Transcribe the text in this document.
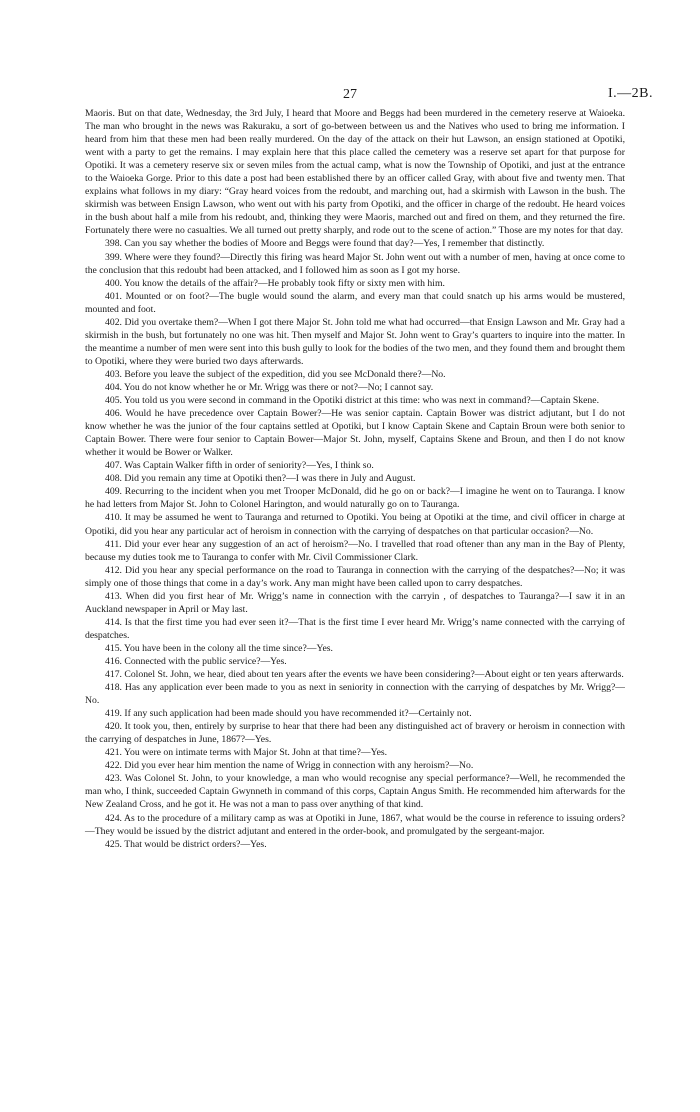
27	I.—2B.

Maoris. But on that date, Wednesday, the 3rd July, I heard that Moore and Beggs had been murdered in the cemetery reserve at Waioeka. The man who brought in the news was Rakuraku, a sort of go-between between us and the Natives who used to bring me information. I heard from him that these men had been really murdered. On the day of the attack on their hut Lawson, an ensign stationed at Opotiki, went with a party to get the remains. I may explain here that this place called the cemetery was a reserve set apart for that purpose for Opotiki. It was a cemetery reserve six or seven miles from the actual camp, what is now the Township of Opotiki, and just at the entrance to the Waioeka Gorge. Prior to this date a post had been established there by an officer called Gray, with about five and twenty men. That explains what follows in my diary: “Gray heard voices from the redoubt, and marching out, had a skirmish with Lawson in the bush. The skirmish was between Ensign Lawson, who went out with his party from Opotiki, and the officer in charge of the redoubt. He heard voices in the bush about half a mile from his redoubt, and, thinking they were Maoris, marched out and fired on them, and they returned the fire. Fortunately there were no casualties. We all turned out pretty sharply, and rode out to the scene of action.” Those are my notes for that day.

398. Can you say whether the bodies of Moore and Beggs were found that day?—Yes, I remember that distinctly.

399. Where were they found?—Directly this firing was heard Major St. John went out with a number of men, having at once come to the conclusion that this redoubt had been attacked, and I followed him as soon as I got my horse.

400. You know the details of the affair?—He probably took fifty or sixty men with him.

401. Mounted or on foot?—The bugle would sound the alarm, and every man that could snatch up his arms would be mustered, mounted and foot.

402. Did you overtake them?—When I got there Major St. John told me what had occurred—that Ensign Lawson and Mr. Gray had a skirmish in the bush, but fortunately no one was hit. Then myself and Major St. John went to Gray’s quarters to inquire into the matter. In the meantime a number of men were sent into this bush gully to look for the bodies of the two men, and they found them and brought them to Opotiki, where they were buried two days afterwards.

403. Before you leave the subject of the expedition, did you see McDonald there?—No.

404. You do not know whether he or Mr. Wrigg was there or not?—No; I cannot say.

405. You told us you were second in command in the Opotiki district at this time: who was next in command?—Captain Skene.

406. Would he have precedence over Captain Bower?—He was senior captain. Captain Bower was district adjutant, but I do not know whether he was the junior of the four captains settled at Opotiki, but I know Captain Skene and Captain Broun were both senior to Captain Bower. There were four senior to Captain Bower—Major St. John, myself, Captains Skene and Broun, and then I do not know whether it would be Bower or Walker.

407. Was Captain Walker fifth in order of seniority?—Yes, I think so.

408. Did you remain any time at Opotiki then?—I was there in July and August.

409. Recurring to the incident when you met Trooper McDonald, did he go on or back?—I imagine he went on to Tauranga. I know he had letters from Major St. John to Colonel Harington, and would naturally go on to Tauranga.

410. It may be assumed he went to Tauranga and returned to Opotiki. You being at Opotiki at the time, and civil officer in charge at Opotiki, did you hear any particular act of heroism in connection with the carrying of despatches on that particular occasion?—No.

411. Did your ever hear any suggestion of an act of heroism?—No. I travelled that road oftener than any man in the Bay of Plenty, because my duties took me to Tauranga to confer with Mr. Civil Commissioner Clark.

412. Did you hear any special performance on the road to Tauranga in connection with the carrying of the despatches?—No; it was simply one of those things that come in a day’s work. Any man might have been called upon to carry despatches.

413. When did you first hear of Mr. Wrigg’s name in connection with the carryin , of despatches to Tauranga?—I saw it in an Auckland newspaper in April or May last.

414. Is that the first time you had ever seen it?—That is the first time I ever heard Mr. Wrigg’s name connected with the carrying of despatches.

415. You have been in the colony all the time since?—Yes.

416. Connected with the public service?—Yes.

417. Colonel St. John, we hear, died about ten years after the events we have been considering?—About eight or ten years afterwards.

418. Has any application ever been made to you as next in seniority in connection with the carrying of despatches by Mr. Wrigg?—No.

419. If any such application had been made should you have recommended it?—Certainly not.

420. It took you, then, entirely by surprise to hear that there had been any distinguished act of bravery or heroism in connection with the carrying of despatches in June, 1867?—Yes.

421. You were on intimate terms with Major St. John at that time?—Yes.

422. Did you ever hear him mention the name of Wrigg in connection with any heroism?—No.

423. Was Colonel St. John, to your knowledge, a man who would recognise any special performance?—Well, he recommended the man who, I think, succeeded Captain Gwynneth in command of this corps, Captain Angus Smith. He recommended him afterwards for the New Zealand Cross, and he got it. He was not a man to pass over anything of that kind.

424. As to the procedure of a military camp as was at Opotiki in June, 1867, what would be the course in reference to issuing orders?—They would be issued by the district adjutant and entered in the order-book, and promulgated by the sergeant-major.

425. That would be district orders?—Yes.
